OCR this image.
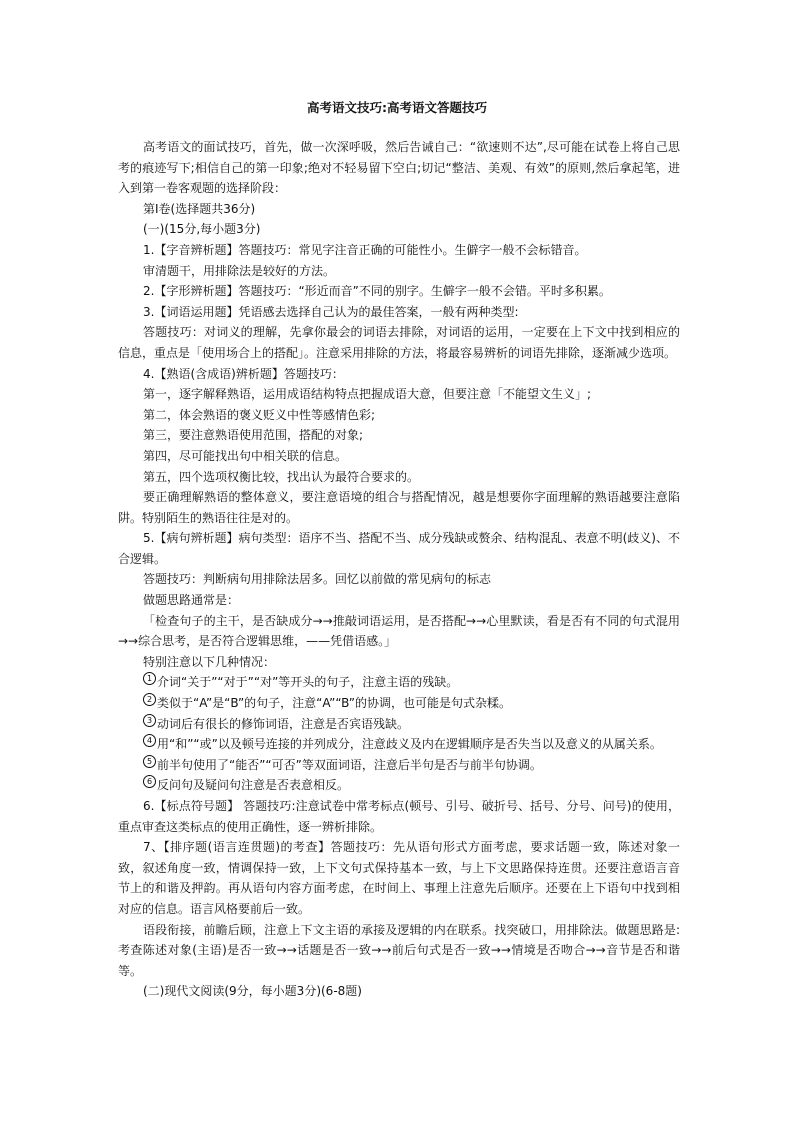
高考语文技巧:高考语文答题技巧

高考语文的面试技巧，首先，做一次深呼吸，然后告诫自己：“欲速则不达”,尽可能在试卷上将自己思考的痕迹写下;相信自己的第一印象;绝对不轻易留下空白;切记“整洁、美观、有效”的原则,然后拿起笔，进入到第一卷客观题的选择阶段：

第Ⅰ卷(选择题共36分)

(一)(15分,每小题3分)

1.【字音辨析题】答题技巧：常见字注音正确的可能性小。生僻字一般不会标错音。

审清题干，用排除法是较好的方法。

2.【字形辨析题】答题技巧：“形近而音”不同的别字。生僻字一般不会错。平时多积累。

3.【词语运用题】凭语感去选择自己认为的最佳答案，一般有两种类型:

答题技巧：对词义的理解，先拿你最会的词语去排除，对词语的运用，一定要在上下文中找到相应的信息，重点是「使用场合上的搭配」。注意采用排除的方法，将最容易辨析的词语先排除，逐渐减少选项。

4.【熟语(含成语)辨析题】答题技巧：

第一，逐字解释熟语，运用成语结构特点把握成语大意，但要注意「不能望文生义」;

第二，体会熟语的褒义贬义中性等感情色彩;

第三，要注意熟语使用范围，搭配的对象;

第四，尽可能找出句中相关联的信息。

第五，四个选项权衡比较，找出认为最符合要求的。

要正确理解熟语的整体意义，要注意语境的组合与搭配情况，越是想要你字面理解的熟语越要注意陷阱。特别陌生的熟语往往是对的。

5.【病句辨析题】病句类型：语序不当、搭配不当、成分残缺或赘余、结构混乱、表意不明(歧义)、不合逻辑。

答题技巧：判断病句用排除法居多。回忆以前做的常见病句的标志

做题思路通常是：

「检查句子的主干，是否缺成分→→推敲词语运用，是否搭配→→心里默读，看是否有不同的句式混用→→综合思考，是否符合逻辑思维，——凭借语感。」

特别注意以下几种情况：

1 介词“关于”“对于”“对”等开头的句子，注意主语的残缺。

2 类似于“A”是“B”的句子，注意“A”“B”的协调，也可能是句式杂糅。

3 动词后有很长的修饰词语，注意是否宾语残缺。

4 用“和”“或”以及顿号连接的并列成分，注意歧义及内在逻辑顺序是否失当以及意义的从属关系。

5 前半句使用了“能否”“可否”等双面词语，注意后半句是否与前半句协调。

6 反问句及疑问句注意是否表意相反。

6.【标点符号题】 答题技巧:注意试卷中常考标点(顿号、引号、破折号、括号、分号、问号)的使用，重点审查这类标点的使用正确性，逐一辨析排除。

7、【排序题(语言连贯题)的考查】答题技巧：先从语句形式方面考虑，要求话题一致，陈述对象一致，叙述角度一致，情调保持一致，上下文句式保持基本一致，与上下文思路保持连贯。还要注意语言音节上的和谐及押韵。再从语句内容方面考虑，在时间上、事理上注意先后顺序。还要在上下语句中找到相对应的信息。语言风格要前后一致。

语段衔接，前瞻后顾，注意上下文主语的承接及逻辑的内在联系。找突破口，用排除法。做题思路是:考查陈述对象(主语)是否一致→→话题是否一致→→前后句式是否一致→→情境是否吻合→→音节是否和谐等。

(二)现代文阅读(9分，每小题3分)(6-8题)
